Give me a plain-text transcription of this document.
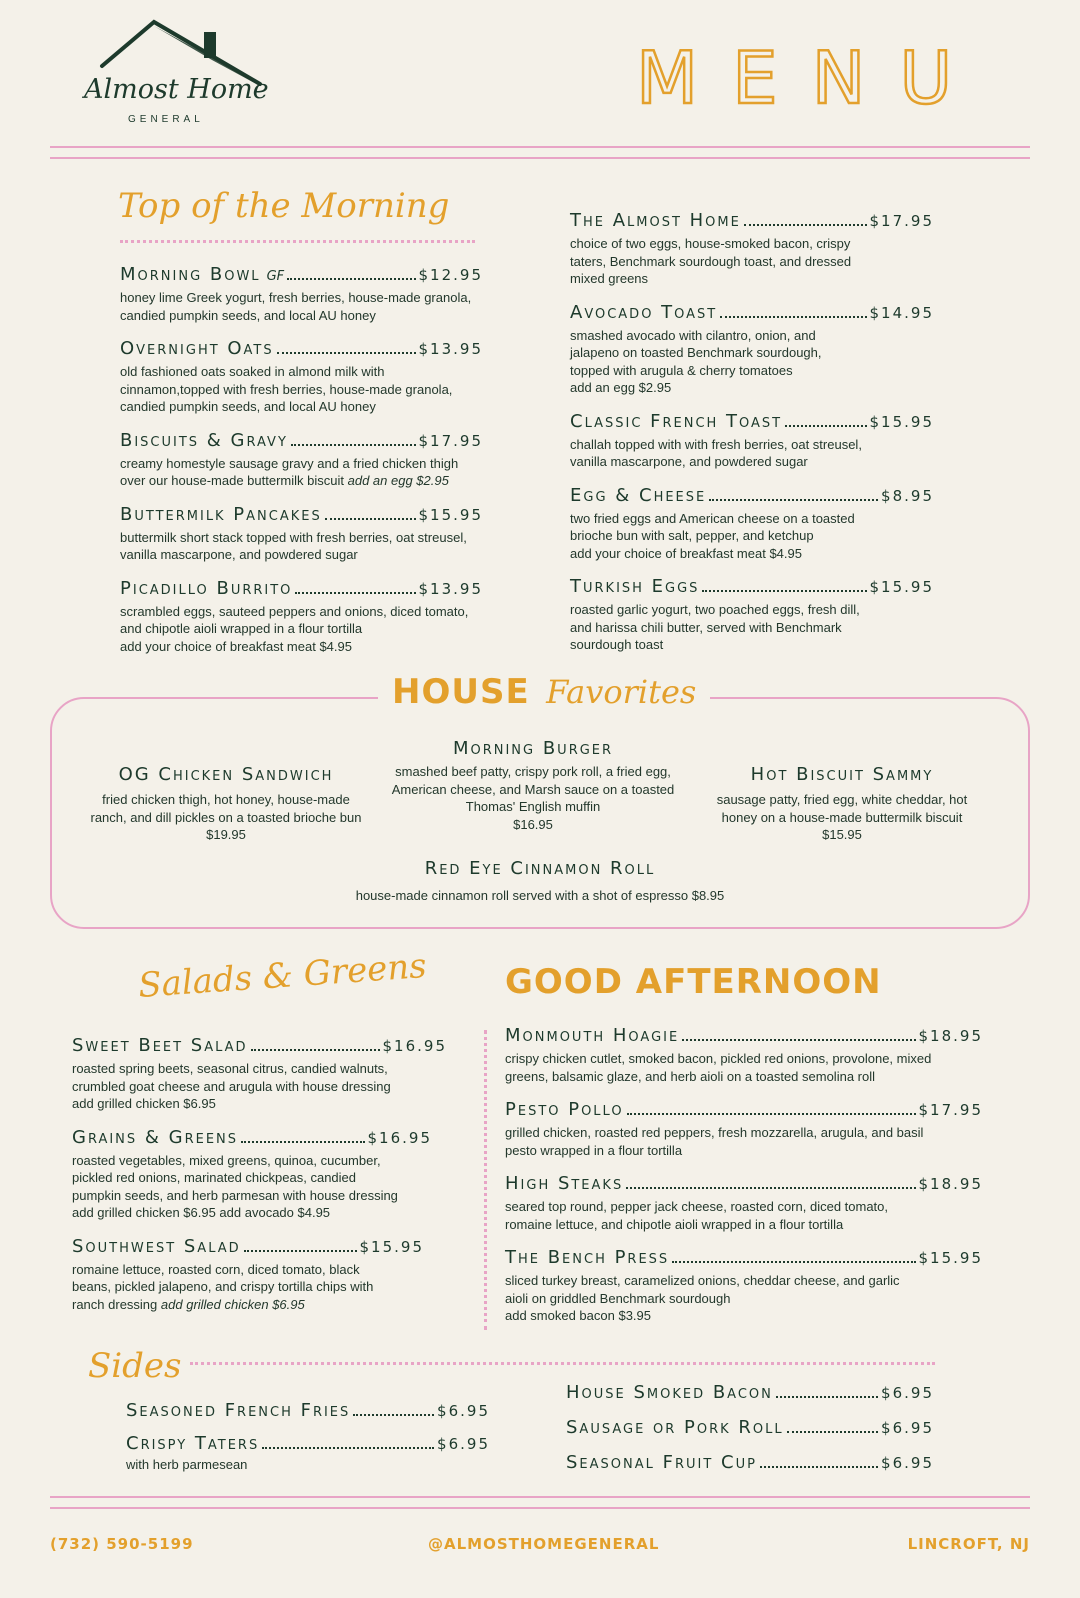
Almost Home
GENERAL	MENU
Top of the Morning
Morning Bowl GF	$12.95
honey lime Greek yogurt, fresh berries, house-made granola, candied pumpkin seeds, and local AU honey
Overnight Oats	$13.95
old fashioned oats soaked in almond milk with cinnamon,topped with fresh berries, house-made granola, candied pumpkin seeds, and local AU honey
Biscuits & Gravy	$17.95
creamy homestyle sausage gravy and a fried chicken thigh over our house-made buttermilk biscuit add an egg $2.95
Buttermilk Pancakes	$15.95
buttermilk short stack topped with fresh berries, oat streusel, vanilla mascarpone, and powdered sugar
Picadillo Burrito	$13.95
scrambled eggs, sauteed peppers and onions, diced tomato, and chipotle aioli wrapped in a flour tortilla
add your choice of breakfast meat $4.95
The Almost Home	$17.95
choice of two eggs, house-smoked bacon, crispy taters, Benchmark sourdough toast, and dressed mixed greens
Avocado Toast	$14.95
smashed avocado with cilantro, onion, and jalapeno on toasted Benchmark sourdough, topped with arugula & cherry tomatoes
add an egg $2.95
Classic French Toast	$15.95
challah topped with with fresh berries, oat streusel, vanilla mascarpone, and powdered sugar
Egg & Cheese	$8.95
two fried eggs and American cheese on a toasted brioche bun with salt, pepper, and ketchup
add your choice of breakfast meat $4.95
Turkish Eggs	$15.95
roasted garlic yogurt, two poached eggs, fresh dill, and harissa chili butter, served with Benchmark sourdough toast
HOUSE Favorites
OG Chicken Sandwich
fried chicken thigh, hot honey, house-made ranch, and dill pickles on a toasted brioche bun $19.95
Morning Burger
smashed beef patty, crispy pork roll, a fried egg, American cheese, and Marsh sauce on a toasted Thomas' English muffin
$16.95
Hot Biscuit Sammy
sausage patty, fried egg, white cheddar, hot honey on a house-made buttermilk biscuit
$15.95
Red Eye Cinnamon Roll
house-made cinnamon roll served with a shot of espresso $8.95
Salads & Greens
Sweet Beet Salad	$16.95
roasted spring beets, seasonal citrus, candied walnuts, crumbled goat cheese and arugula with house dressing
add grilled chicken $6.95
Grains & Greens	$16.95
roasted vegetables, mixed greens, quinoa, cucumber, pickled red onions, marinated chickpeas, candied pumpkin seeds, and herb parmesan with house dressing
add grilled chicken $6.95 add avocado $4.95
Southwest Salad	$15.95
romaine lettuce, roasted corn, diced tomato, black beans, pickled jalapeno, and crispy tortilla chips with ranch dressing add grilled chicken $6.95
GOOD AFTERNOON
Monmouth Hoagie	$18.95
crispy chicken cutlet, smoked bacon, pickled red onions, provolone, mixed greens, balsamic glaze, and herb aioli on a toasted semolina roll
Pesto Pollo	$17.95
grilled chicken, roasted red peppers, fresh mozzarella, arugula, and basil pesto wrapped in a flour tortilla
High Steaks	$18.95
seared top round, pepper jack cheese, roasted corn, diced tomato, romaine lettuce, and chipotle aioli wrapped in a flour tortilla
The Bench Press	$15.95
sliced turkey breast, caramelized onions, cheddar cheese, and garlic aioli on griddled Benchmark sourdough
add smoked bacon $3.95
Sides
Seasoned French Fries	$6.95
Crispy Taters	$6.95
with herb parmesean
House Smoked Bacon	$6.95
Sausage or Pork Roll	$6.95
Seasonal Fruit Cup	$6.95
(732) 590-5199	@ALMOSTHOMEGENERAL	LINCROFT, NJ
